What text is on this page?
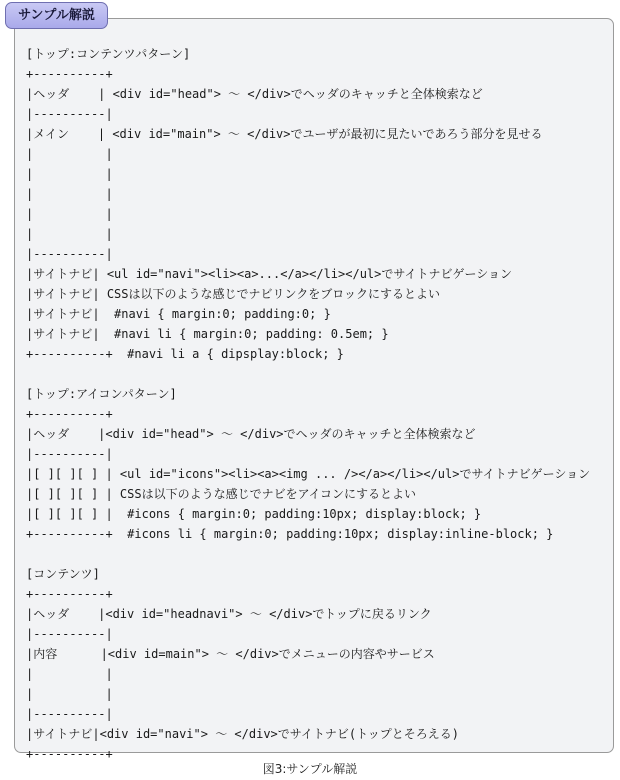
サンプル解説
[トップ:コンテンツパターン]
+----------+
|ヘッダ    | <div id="head"> ～ </div>でヘッダのキャッチと全体検索など
|----------|
|メイン    | <div id="main"> ～ </div>でユーザが最初に見たいであろう部分を見せる
|          |
|          |
|          |
|          |
|          |
|----------|
|サイトナビ| <ul id="navi"><li><a>...</a></li></ul>でサイトナビゲーション
|サイトナビ| CSSは以下のような感じでナビリンクをブロックにするとよい
|サイトナビ|  #navi { margin:0; padding:0; }
|サイトナビ|  #navi li { margin:0; padding: 0.5em; }
+----------+  #navi li a { dipsplay:block; }
[トップ:アイコンパターン]
+----------+
|ヘッダ    |<div id="head"> ～ </div>でヘッダのキャッチと全体検索など
|----------|
|[ ][ ][ ] | <ul id="icons"><li><a><img ... /></a></li></ul>でサイトナビゲーション
|[ ][ ][ ] | CSSは以下のような感じでナビをアイコンにするとよい
|[ ][ ][ ] |  #icons { margin:0; padding:10px; display:block; }
+----------+  #icons li { margin:0; padding:10px; display:inline-block; }
[コンテンツ]
+----------+
|ヘッダ    |<div id="headnavi"> ～ </div>でトップに戻るリンク
|----------|
|内容      |<div id=main"> ～ </div>でメニューの内容やサービス
|          |
|          |
|----------|
|サイトナビ|<div id="navi"> ～ </div>でサイトナビ(トップとそろえる)
+----------+
図3:サンプル解説
